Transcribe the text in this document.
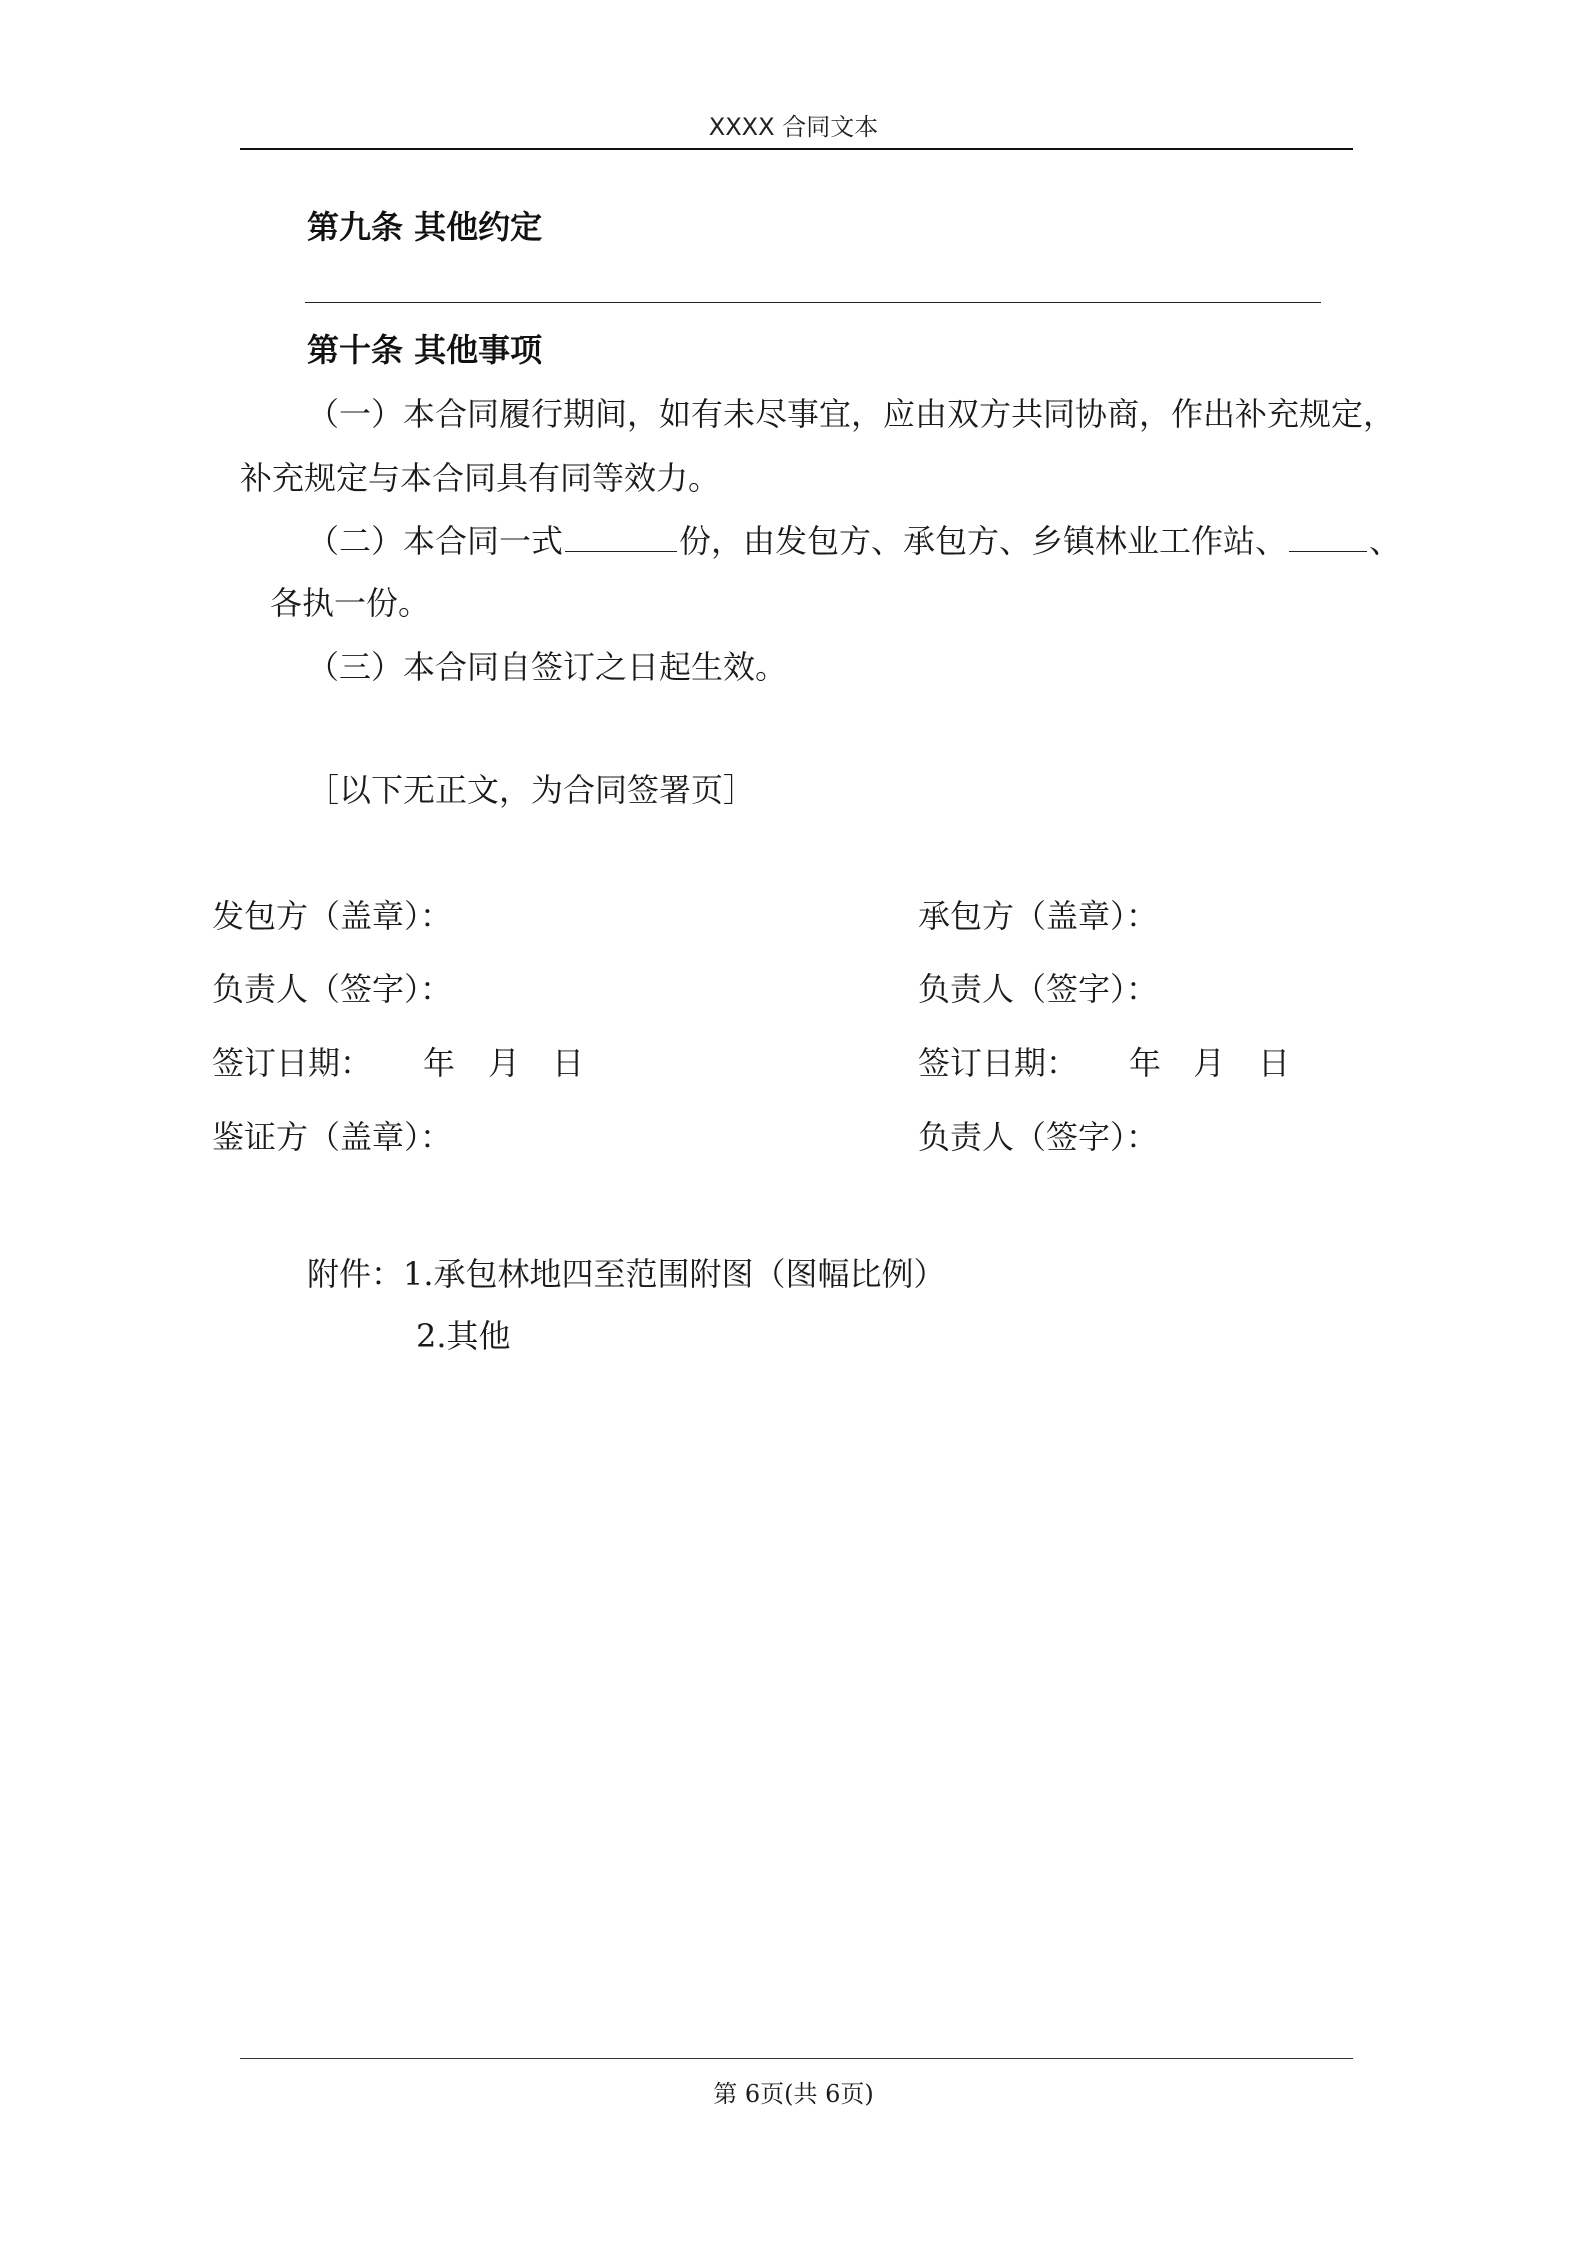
XXXX 合同文本
第九条 其他约定
第十条 其他事项
（一）本合同履行期间，如有未尽事宜，应由双方共同协商，作出补充规定，
补充规定与本合同具有同等效力。
（二）本合同一式	份，由发包方、承包方、乡镇林业工作站、	、
各执一份。
（三）本合同自签订之日起生效。
［以下无正文，为合同签署页］
发包方（盖章）：
负责人（签字）：
签订日期： 年 月 日
鉴证方（盖章）：
承包方（盖章）：
负责人（签字）：
签订日期： 年 月 日
负责人（签字）：
附件：1.承包林地四至范围附图（图幅比例）
2.其他
第 6页(共 6页)
